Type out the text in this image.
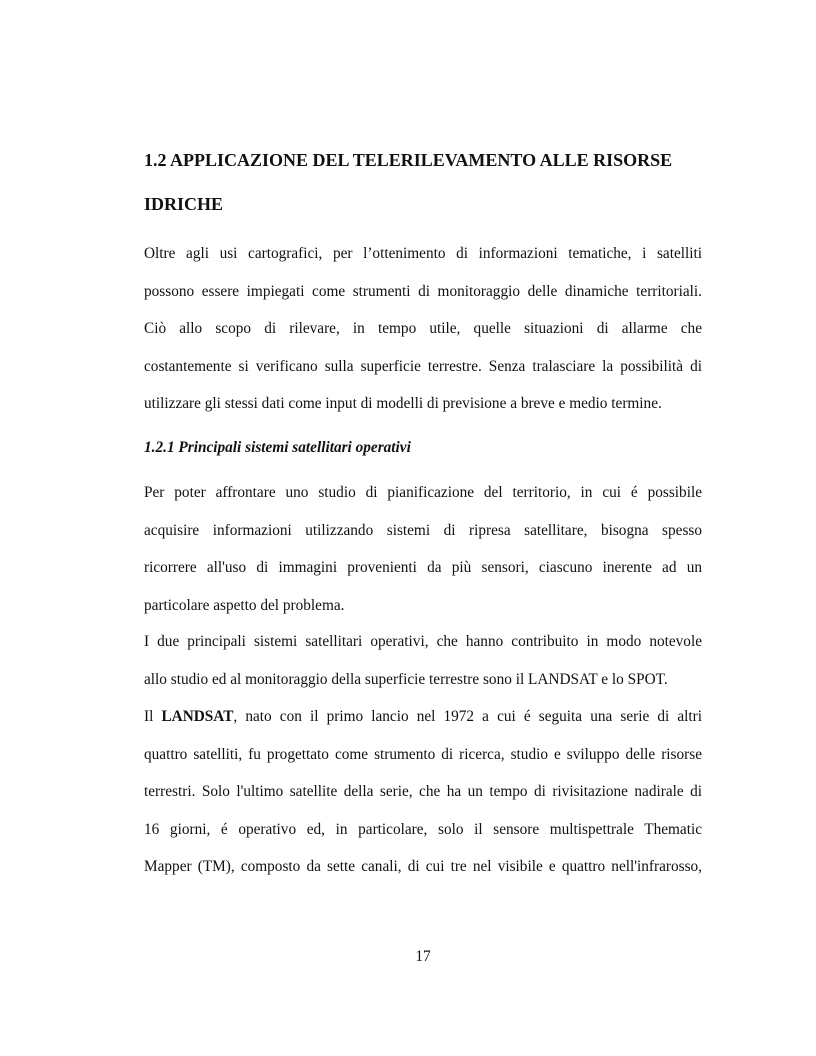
1.2 APPLICAZIONE DEL TELERILEVAMENTO ALLE RISORSE
IDRICHE
Oltre agli usi cartografici, per l’ottenimento di informazioni tematiche, i satelliti
possono essere impiegati come strumenti di monitoraggio delle dinamiche territoriali.
Ciò allo scopo di rilevare, in tempo utile, quelle situazioni di allarme che
costantemente si verificano sulla superficie terrestre. Senza tralasciare la possibilità di
utilizzare gli stessi dati come input di modelli di previsione a breve e medio termine.
1.2.1 Principali sistemi satellitari operativi
Per poter affrontare uno studio di pianificazione del territorio, in cui é possibile
acquisire informazioni utilizzando sistemi di ripresa satellitare, bisogna spesso
ricorrere all'uso di immagini provenienti da più sensori, ciascuno inerente ad un
particolare aspetto del problema.
I due principali sistemi satellitari operativi, che hanno contribuito in modo notevole
allo studio ed al monitoraggio della superficie terrestre sono il LANDSAT e lo SPOT.
Il LANDSAT, nato con il primo lancio nel 1972 a cui é seguita una serie di altri
quattro satelliti, fu progettato come strumento di ricerca, studio e sviluppo delle risorse
terrestri. Solo l'ultimo satellite della serie, che ha un tempo di rivisitazione nadirale di
16 giorni, é operativo ed, in particolare, solo il sensore multispettrale Thematic
Mapper (TM), composto da sette canali, di cui tre nel visibile e quattro nell'infrarosso,
17
